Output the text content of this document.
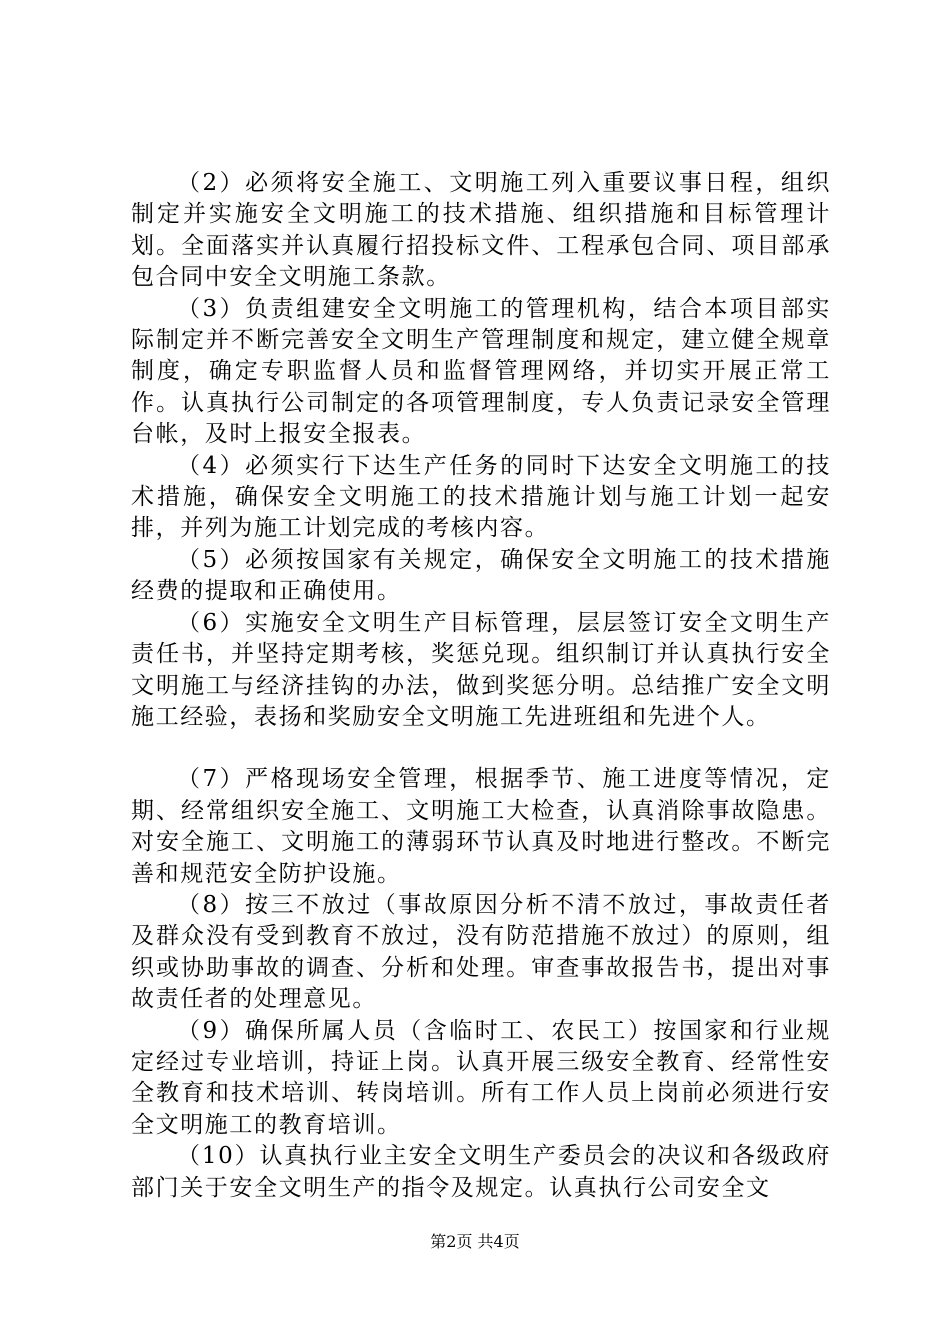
（2）必须将安全施工、文明施工列入重要议事日程，组织制定并实施安全文明施工的技术措施、组织措施和目标管理计划。全面落实并认真履行招投标文件、工程承包合同、项目部承包合同中安全文明施工条款。

（3）负责组建安全文明施工的管理机构，结合本项目部实际制定并不断完善安全文明生产管理制度和规定，建立健全规章制度，确定专职监督人员和监督管理网络，并切实开展正常工作。认真执行公司制定的各项管理制度，专人负责记录安全管理台帐，及时上报安全报表。

（4）必须实行下达生产任务的同时下达安全文明施工的技术措施，确保安全文明施工的技术措施计划与施工计划一起安排，并列为施工计划完成的考核内容。

（5）必须按国家有关规定，确保安全文明施工的技术措施经费的提取和正确使用。

（6）实施安全文明生产目标管理，层层签订安全文明生产责任书，并坚持定期考核，奖惩兑现。组织制订并认真执行安全文明施工与经济挂钩的办法，做到奖惩分明。总结推广安全文明施工经验，表扬和奖励安全文明施工先进班组和先进个人。

（7）严格现场安全管理，根据季节、施工进度等情况，定期、经常组织安全施工、文明施工大检查，认真消除事故隐患。对安全施工、文明施工的薄弱环节认真及时地进行整改。不断完善和规范安全防护设施。

（8）按三不放过（事故原因分析不清不放过，事故责任者及群众没有受到教育不放过，没有防范措施不放过）的原则，组织或协助事故的调查、分析和处理。审查事故报告书，提出对事故责任者的处理意见。

（9）确保所属人员（含临时工、农民工）按国家和行业规定经过专业培训，持证上岗。认真开展三级安全教育、经常性安全教育和技术培训、转岗培训。所有工作人员上岗前必须进行安全文明施工的教育培训。

（10）认真执行业主安全文明生产委员会的决议和各级政府部门关于安全文明生产的指令及规定。认真执行公司安全文

第2页 共4页
